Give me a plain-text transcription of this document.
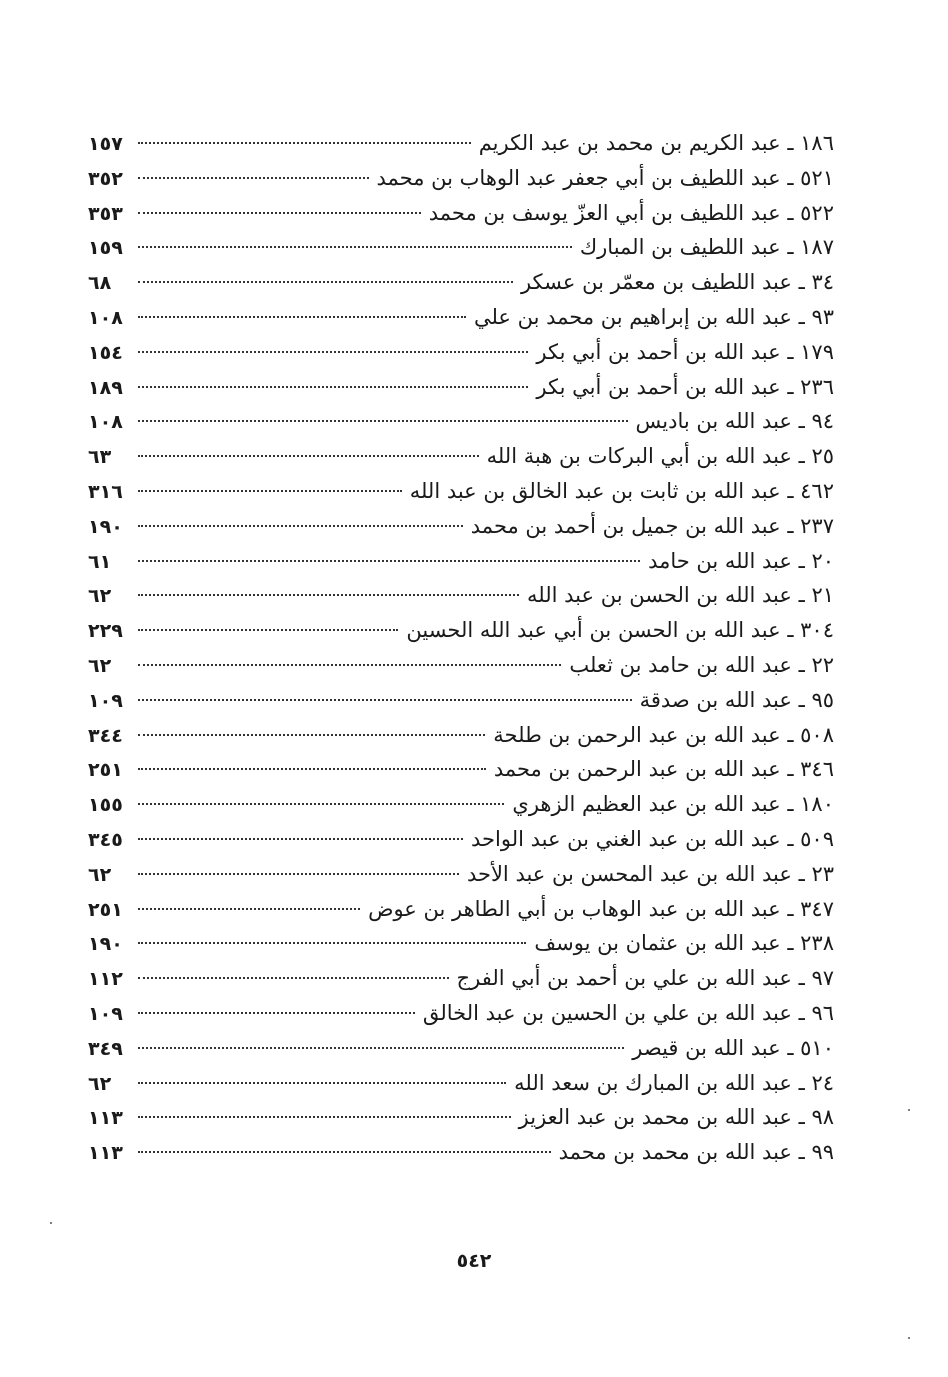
١٨٦ ـ عبد الكريم بن محمد بن عبد الكريم
١٥٧
٥٢١ ـ عبد اللطيف بن أبي جعفر عبد الوهاب بن محمد
٣٥٢
٥٢٢ ـ عبد اللطيف بن أبي العزّ يوسف بن محمد
٣٥٣
١٨٧ ـ عبد اللطيف بن المبارك
١٥٩
٣٤ ـ عبد اللطيف بن معمّر بن عسكر
٦٨
٩٣ ـ عبد الله بن إبراهيم بن محمد بن علي
١٠٨
١٧٩ ـ عبد الله بن أحمد بن أبي بكر
١٥٤
٢٣٦ ـ عبد الله بن أحمد بن أبي بكر
١٨٩
٩٤ ـ عبد الله بن باديس
١٠٨
٢٥ ـ عبد الله بن أبي البركات بن هبة الله
٦٣
٤٦٢ ـ عبد الله بن ثابت بن عبد الخالق بن عبد الله
٣١٦
٢٣٧ ـ عبد الله بن جميل بن أحمد بن محمد
١٩٠
٢٠ ـ عبد الله بن حامد
٦١
٢١ ـ عبد الله بن الحسن بن عبد الله
٦٢
٣٠٤ ـ عبد الله بن الحسن بن أبي عبد الله الحسين
٢٢٩
٢٢ ـ عبد الله بن حامد بن ثعلب
٦٢
٩٥ ـ عبد الله بن صدقة
١٠٩
٥٠٨ ـ عبد الله بن عبد الرحمن بن طلحة
٣٤٤
٣٤٦ ـ عبد الله بن عبد الرحمن بن محمد
٢٥١
١٨٠ ـ عبد الله بن عبد العظيم الزهري
١٥٥
٥٠٩ ـ عبد الله بن عبد الغني بن عبد الواحد
٣٤٥
٢٣ ـ عبد الله بن عبد المحسن بن عبد الأحد
٦٢
٣٤٧ ـ عبد الله بن عبد الوهاب بن أبي الطاهر بن عوض
٢٥١
٢٣٨ ـ عبد الله بن عثمان بن يوسف
١٩٠
٩٧ ـ عبد الله بن علي بن أحمد بن أبي الفرج
١١٢
٩٦ ـ عبد الله بن علي بن الحسين بن عبد الخالق
١٠٩
٥١٠ ـ عبد الله بن قيصر
٣٤٩
٢٤ ـ عبد الله بن المبارك بن سعد الله
٦٢
٩٨ ـ عبد الله بن محمد بن عبد العزيز
١١٣
٩٩ ـ عبد الله بن محمد بن محمد
١١٣
٥٤٢
